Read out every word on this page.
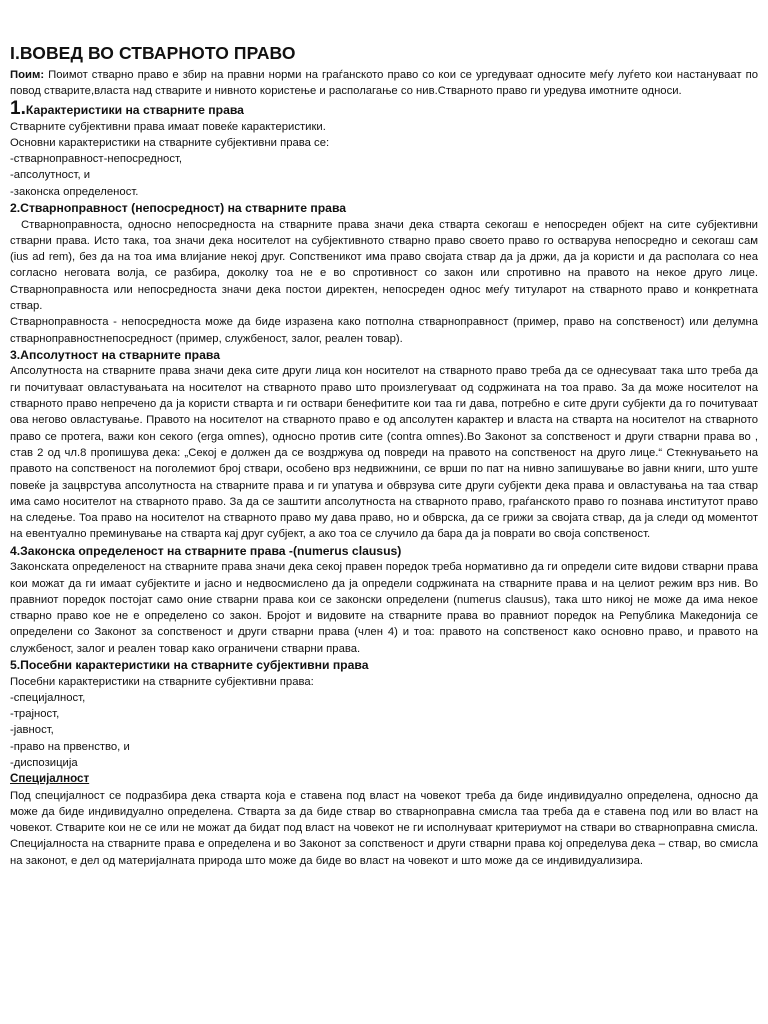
I.ВОВЕД ВО СТВАРНОТО ПРАВО

Поим: Поимот стварно право е збир на правни норми на граѓанското право со кои се ургедуваат односите меѓу луѓето кои настануваат по повод стварите,власта над стварите и нивното користење и располагање со нив.Стварното право ги уредува имотните односи.

1.Карактеристики на стварните права
Стварните субјективни права имаат повеќе карактеристики.
Основни карактеристики на стварните субјективни права се:
-стварноправност-непосредност,
-апсолутност, и
-законска определеност.
2.Стварноправност (непосредност) на стварните права

Стварноправноста, односно непосредноста на стварните права значи дека стварта секогаш е непосреден објект на сите субјективни стварни права. Исто така, тоа значи дека носителот на субјективното стварно право своето право го остварува непосредно и секогаш сам (ius ad rem), без да на тоа има влијание некој друг. Сопственикот има право својата ствар да ја држи, да ја користи и да располага со неа согласно неговата волја, се разбира, доколку тоа не е во спротивност со закон или спротивно на правото на некое друго лице. Стварноправноста или непосредноста значи дека постои директен, непосреден однос меѓу титуларот на стварното право и конкретната ствар.

Стварноправноста - непосредноста може да биде изразена како потполна стварноправност (пример, право на сопственост) или делумна стварноправностнепосредност (пример, службеност, залог, реален товар).

3.Апсолутност на стварните права

Апсолутноста на стварните права значи дека сите други лица кон носителот на стварното право треба да се однесуваат така што треба да ги почитуваат овластувањата на носителот на стварното право што произлегуваат од содржината на тоа право. За да може носителот на стварното право непречено да ја користи стварта и ги оствари бенефитите кои таа ги дава, потребно е сите други субјекти да го почитуваат ова негово овластување. Правото на носителот на стварното право е од апсолутен карактер и власта на стварта на носителот на стварното право се протега, важи кон секого (erga omnes), односно против сите (contra omnes).Во Законот за сопственост и други стварни права во , став 2 од чл.8 пропишува дека: „Секој е должен да се воздржува од повреди на правото на сопственост на друго лице.“ Стекнувањето на правото на сопственост на поголемиот број ствари, особено врз недвижнини, се врши по пат на нивно запишување во јавни книги, што уште повеќе ја зацврстува апсолутноста на стварните права и ги упатува и обврзува сите други субјекти дека права и овластувања на таа ствар има само носителот на стварното право. За да се заштити апсолутноста на стварното право, граѓанското право го познава институтот право на следење. Тоа право на носителот на стварното право му дава право, но и обврска, да се грижи за својата ствар, да ја следи од моментот на евентуално преминување на стварта кај друг субјект, а ако тоа се случило да бара да ја поврати во своја сопственост.

4.Законска определеност на стварните права -(numerus clausus)

Законската определеност на стварните права значи дека секој правен поредок треба нормативно да ги определи сите видови стварни права кои можат да ги имаат субјектите и јасно и недвосмислено да ја определи содржината на стварните права и на целиот режим врз нив. Во правниот поредок постојат само оние стварни права кои се законски определени (numerus clausus), така што никој не може да има некое стварно право кое не е определено со закон. Бројот и видовите на стварните права во правниот поредок на Република Македонија се определени со Законот за сопственост и други стварни права (член 4) и тоа: правото на сопственост како основно право, и правото на службеност, залог и реален товар како ограничени стварни права.

5.Посебни карактеристики на стварните субјективни права
Посебни карактеристики на стварните субјективни права:
-специјалност,
-трајност,
-јавност,
-право на првенство, и
-диспозиција
Специјалност

Под специјалност се подразбира дека стварта која е ставена под власт на човекот треба да биде индивидуално определена, односно да може да биде индивидуално определена. Стварта за да биде ствар во стварноправна смисла таа треба да е ставена под или во власт на човекот. Стварите кои не се или не можат да бидат под власт на човекот не ги исполнуваат критериумот на ствари во стварноправна смисла. Специјалноста на стварните права е определена и во Законот за сопственост и други стварни права кој определува дека – ствар, во смисла на законот, е дел од материјалната природа што може да биде во власт на човекот и што може да се индивидуализира.
